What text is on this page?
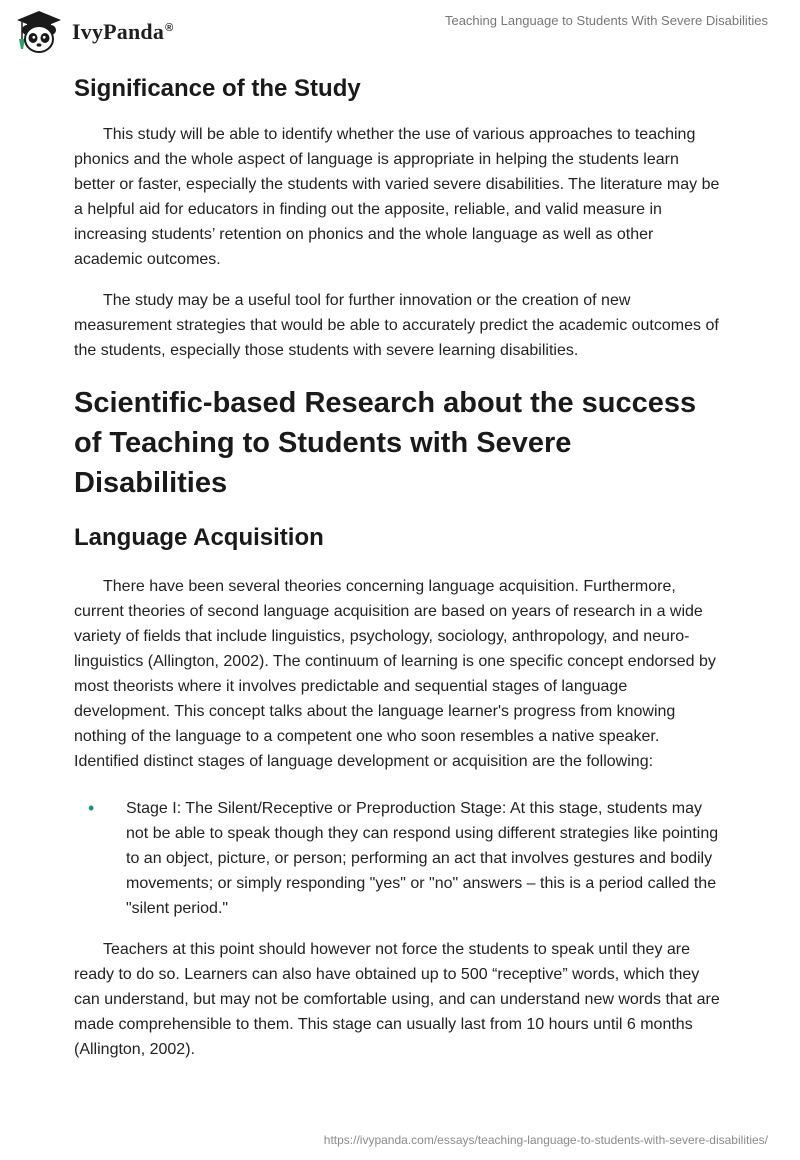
IvyPanda®	Teaching Language to Students With Severe Disabilities
Significance of the Study

This study will be able to identify whether the use of various approaches to teaching phonics and the whole aspect of language is appropriate in helping the students learn better or faster, especially the students with varied severe disabilities. The literature may be a helpful aid for educators in finding out the apposite, reliable, and valid measure in increasing students’ retention on phonics and the whole language as well as other academic outcomes.

The study may be a useful tool for further innovation or the creation of new measurement strategies that would be able to accurately predict the academic outcomes of the students, especially those students with severe learning disabilities.

Scientific-based Research about the success of Teaching to Students with Severe Disabilities
Language Acquisition

There have been several theories concerning language acquisition. Furthermore, current theories of second language acquisition are based on years of research in a wide variety of fields that include linguistics, psychology, sociology, anthropology, and neuro-linguistics (Allington, 2002). The continuum of learning is one specific concept endorsed by most theorists where it involves predictable and sequential stages of language development. This concept talks about the language learner's progress from knowing nothing of the language to a competent one who soon resembles a native speaker. Identified distinct stages of language development or acquisition are the following:

• Stage I: The Silent/Receptive or Preproduction Stage: At this stage, students may not be able to speak though they can respond using different strategies like pointing to an object, picture, or person; performing an act that involves gestures and bodily movements; or simply responding "yes" or "no" answers – this is a period called the "silent period."

Teachers at this point should however not force the students to speak until they are ready to do so. Learners can also have obtained up to 500 “receptive” words, which they can understand, but may not be comfortable using, and can understand new words that are made comprehensible to them. This stage can usually last from 10 hours until 6 months (Allington, 2002).

https://ivypanda.com/essays/teaching-language-to-students-with-severe-disabilities/
